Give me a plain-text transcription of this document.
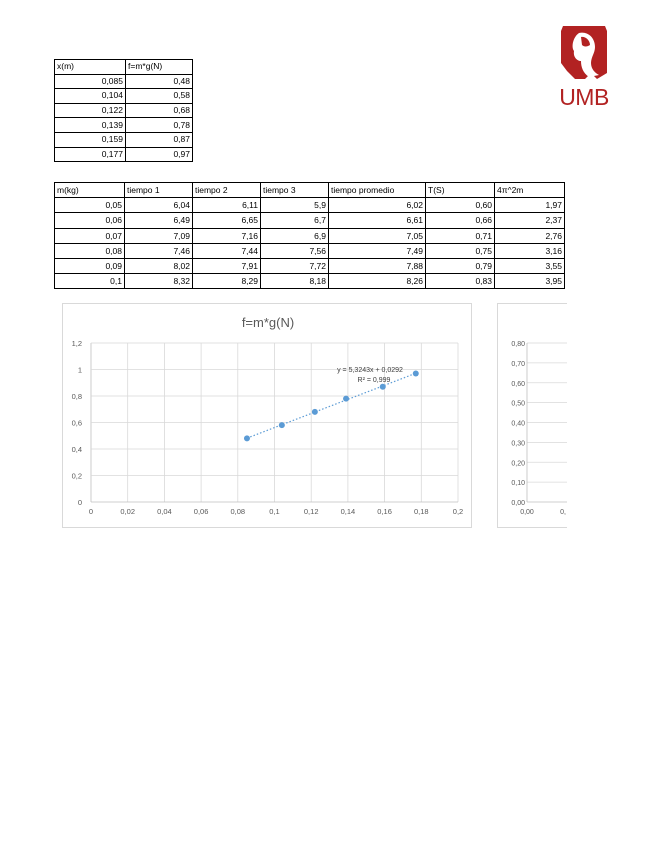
UMB
x(m)	f=m*g(N)
0,085	0,48
0,104	0,58
0,122	0,68
0,139	0,78
0,159	0,87
0,177	0,97
m(kg)	tiempo 1	tiempo 2	tiempo 3	tiempo promedio	T(S)	4π^2m
0,05	6,04	6,11	5,9	6,02	0,60	1,97
0,06	6,49	6,65	6,7	6,61	0,66	2,37
0,07	7,09	7,16	6,9	7,05	0,71	2,76
0,08	7,46	7,44	7,56	7,49	0,75	3,16
0,09	8,02	7,91	7,72	7,88	0,79	3,55
0,1	8,32	8,29	8,18	8,26	0,83	3,95
f=m*g(N)
0	0,02	0,04	0,06	0,08	0,1	0,12	0,14	0,16	0,18	0,2
0
0,2
0,4
0,6
0,8
1
1,2
y = 5,3243x + 0,0292
R² = 0,999
0,00
0,10
0,20
0,30
0,40
0,50
0,60
0,70
0,80
0,00	0,
